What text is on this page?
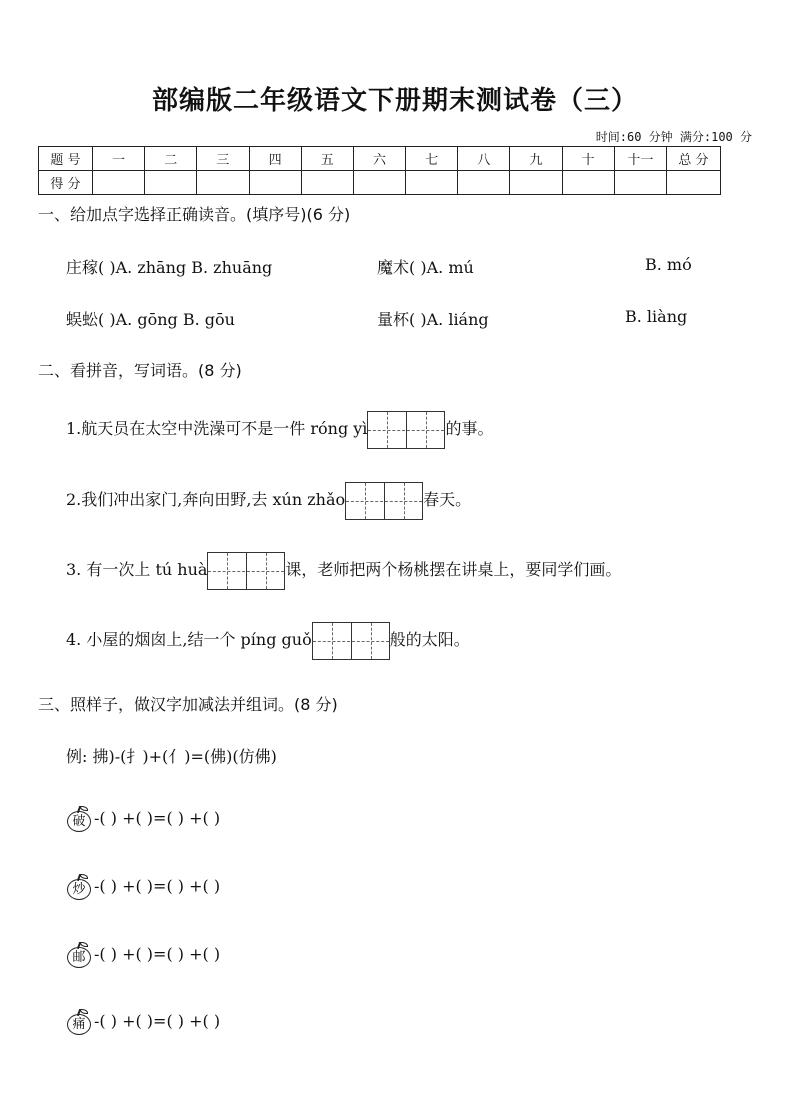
部编版二年级语文下册期末测试卷（三）
时间:60 分钟 满分:100 分
题 号	一	二	三	四	五	六	七	八	九	十	十一	总 分
得 分												
一、给加点字选择正确读音。(填序号)(6 分)
庄稼( )A. zhāng B. zhuāng	魔术( )A. mú	B. mó
蜈蚣( )A. gōng B. gōu	量杯( )A. liáng	B. liàng
二、看拼音，写词语。(8 分)
1.航天员在太空中洗澡可不是一件 róng yì	的事。
2.我们冲出家门,奔向田野,去 xún zhǎo	春天。
3. 有一次上 tú huà	课，老师把两个杨桃摆在讲桌上，要同学们画。
4. 小屋的烟囱上,结一个 píng guǒ	般的太阳。
三、照样子，做汉字加减法并组词。(8 分)
例: 拂)-(扌)+(亻)=(佛)(仿佛)
破 -( ) +( )=( ) +( )
炒 -( ) +( )=( ) +( )
邮 -( ) +( )=( ) +( )
痛 -( ) +( )=( ) +( )
